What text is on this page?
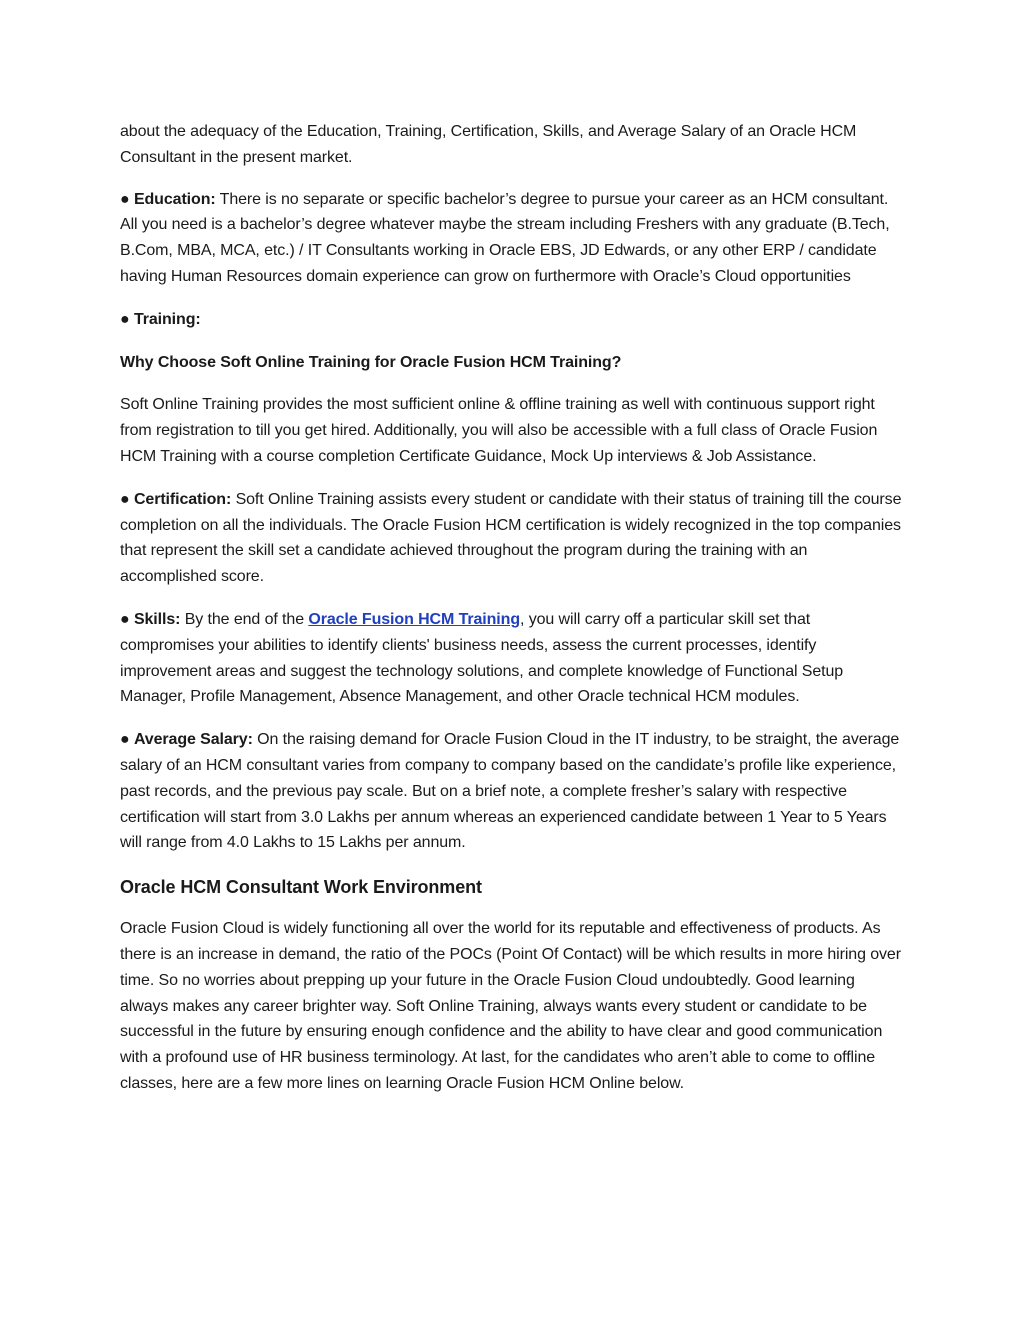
about the adequacy of the Education, Training, Certification, Skills, and Average Salary of an Oracle HCM Consultant in the present market.

● Education: There is no separate or specific bachelor’s degree to pursue your career as an HCM consultant. All you need is a bachelor’s degree whatever maybe the stream including Freshers with any graduate (B.Tech, B.Com, MBA, MCA, etc.) / IT Consultants working in Oracle EBS, JD Edwards, or any other ERP / candidate having Human Resources domain experience can grow on furthermore with Oracle’s Cloud opportunities

● Training:

Why Choose Soft Online Training for Oracle Fusion HCM Training?

Soft Online Training provides the most sufficient online & offline training as well with continuous support right from registration to till you get hired. Additionally, you will also be accessible with a full class of Oracle Fusion HCM Training with a course completion Certificate Guidance, Mock Up interviews & Job Assistance.

● Certification: Soft Online Training assists every student or candidate with their status of training till the course completion on all the individuals. The Oracle Fusion HCM certification is widely recognized in the top companies that represent the skill set a candidate achieved throughout the program during the training with an accomplished score.

● Skills: By the end of the Oracle Fusion HCM Training, you will carry off a particular skill set that compromises your abilities to identify clients' business needs, assess the current processes, identify improvement areas and suggest the technology solutions, and complete knowledge of Functional Setup Manager, Profile Management, Absence Management, and other Oracle technical HCM modules.

● Average Salary: On the raising demand for Oracle Fusion Cloud in the IT industry, to be straight, the average salary of an HCM consultant varies from company to company based on the candidate’s profile like experience, past records, and the previous pay scale. But on a brief note, a complete fresher’s salary with respective certification will start from 3.0 Lakhs per annum whereas an experienced candidate between 1 Year to 5 Years will range from 4.0 Lakhs to 15 Lakhs per annum.

Oracle HCM Consultant Work Environment

Oracle Fusion Cloud is widely functioning all over the world for its reputable and effectiveness of products. As there is an increase in demand, the ratio of the POCs (Point Of Contact) will be which results in more hiring over time. So no worries about prepping up your future in the Oracle Fusion Cloud undoubtedly. Good learning always makes any career brighter way. Soft Online Training, always wants every student or candidate to be successful in the future by ensuring enough confidence and the ability to have clear and good communication with a profound use of HR business terminology. At last, for the candidates who aren’t able to come to offline classes, here are a few more lines on learning Oracle Fusion HCM Online below.
